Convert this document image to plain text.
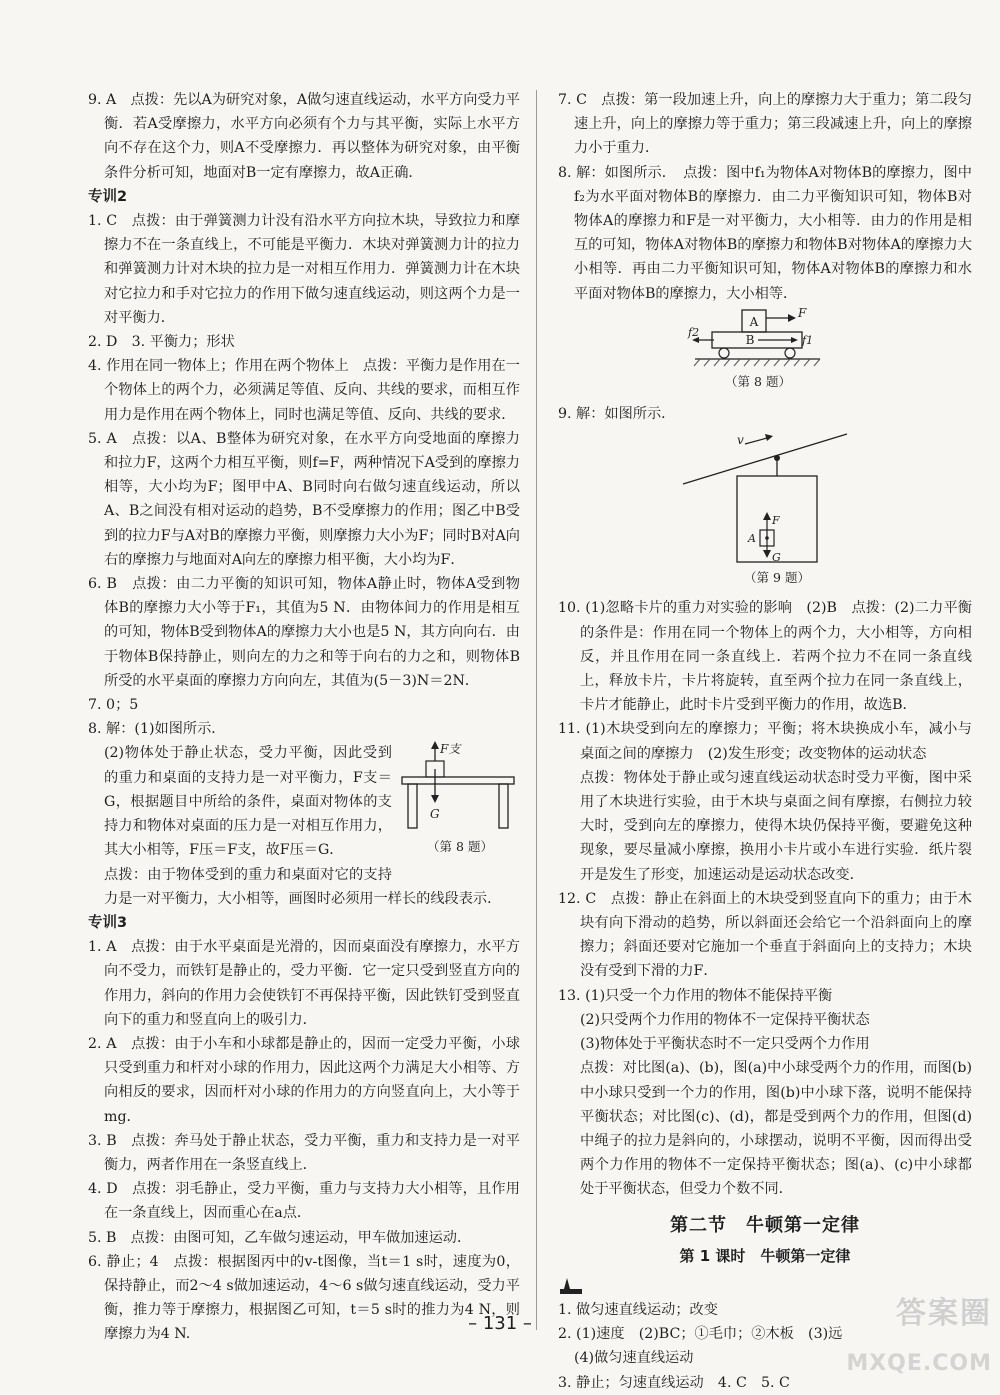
9. A　点拨：先以A为研究对象，A做匀速直线运动，水平方向受力平衡．若A受摩擦力，水平方向必须有个力与其平衡，实际上水平方向不存在这个力，则A不受摩擦力．再以整体为研究对象，由平衡条件分析可知，地面对B一定有摩擦力，故A正确．

专训2

1. C　点拨：由于弹簧测力计没有沿水平方向拉木块，导致拉力和摩擦力不在一条直线上，不可能是平衡力．木块对弹簧测力计的拉力和弹簧测力计对木块的拉力是一对相互作用力．弹簧测力计在木块对它拉力和手对它拉力的作用下做匀速直线运动，则这两个力是一对平衡力．

2. D　3. 平衡力；形状

4. 作用在同一物体上；作用在两个物体上　点拨：平衡力是作用在一个物体上的两个力，必须满足等值、反向、共线的要求，而相互作用力是作用在两个物体上，同时也满足等值、反向、共线的要求．

5. A　点拨：以A、B整体为研究对象，在水平方向受地面的摩擦力和拉力F，这两个力相互平衡，则f=F，两种情况下A受到的摩擦力相等，大小均为F；图甲中A、B同时向右做匀速直线运动，所以A、B之间没有相对运动的趋势，B不受摩擦力的作用；图乙中B受到的拉力F与A对B的摩擦力平衡，则摩擦力大小为F；同时B对A向右的摩擦力与地面对A向左的摩擦力相平衡，大小均为F．

6. B　点拨：由二力平衡的知识可知，物体A静止时，物体A受到物体B的摩擦力大小等于F₁，其值为5 N．由物体间力的作用是相互的可知，物体B受到物体A的摩擦力大小也是5 N，其方向向右．由于物体B保持静止，则向左的力之和等于向右的力之和，则物体B所受的水平桌面的摩擦力方向向左，其值为(5－3)N＝2N．

7. 0；5

8. 解：(1)如图所示．

F支
G
（第 8 题）

(2)物体处于静止状态，受力平衡，因此受到的重力和桌面的支持力是一对平衡力，F支＝G，根据题目中所给的条件，桌面对物体的支持力和物体对桌面的压力是一对相互作用力，其大小相等，F压＝F支，故F压＝G．

点拨：由于物体受到的重力和桌面对它的支持力是一对平衡力，大小相等，画图时必须用一样长的线段表示．

专训3

1. A　点拨：由于水平桌面是光滑的，因而桌面没有摩擦力，水平方向不受力，而铁钉是静止的，受力平衡．它一定只受到竖直方向的作用力，斜向的作用力会使铁钉不再保持平衡，因此铁钉受到竖直向下的重力和竖直向上的吸引力．

2. A　点拨：由于小车和小球都是静止的，因而一定受力平衡，小球只受到重力和杆对小球的作用力，因此这两个力满足大小相等、方向相反的要求，因而杆对小球的作用力的方向竖直向上，大小等于mg．

3. B　点拨：奔马处于静止状态，受力平衡，重力和支持力是一对平衡力，两者作用在一条竖直线上．

4. D　点拨：羽毛静止，受力平衡，重力与支持力大小相等，且作用在一条直线上，因而重心在a点．

5. B　点拨：由图可知，乙车做匀速运动，甲车做加速运动．

6. 静止；4　点拨：根据图丙中的v-t图像，当t＝1 s时，速度为0，保持静止，而2～4 s做加速运动，4～6 s做匀速直线运动，受力平衡，推力等于摩擦力，根据图乙可知，t＝5 s时的推力为4 N，则摩擦力为4 N.

7. C　点拨：第一段加速上升，向上的摩擦力大于重力；第二段匀速上升，向上的摩擦力等于重力；第三段减速上升，向上的摩擦力小于重力．

8. 解：如图所示．　点拨：图中f₁为物体A对物体B的摩擦力，图中f₂为水平面对物体B的摩擦力．由二力平衡知识可知，物体B对物体A的摩擦力和F是一对平衡力，大小相等．由力的作用是相互的可知，物体A对物体B的摩擦力和物体B对物体A的摩擦力大小相等．再由二力平衡知识可知，物体A对物体B的摩擦力和水平面对物体B的摩擦力，大小相等．

A
F
B	f1
f2
（第 8 题）

9. 解：如图所示．

v
A
F
G
（第 9 题）

10. (1)忽略卡片的重力对实验的影响　(2)B　点拨：(2)二力平衡的条件是：作用在同一个物体上的两个力，大小相等，方向相反，并且作用在同一条直线上．若两个拉力不在同一条直线上，释放卡片，卡片将旋转，直至两个拉力在同一条直线上，卡片才能静止，此时卡片受到平衡力的作用，故选B．

11. (1)木块受到向左的摩擦力；平衡；将木块换成小车，减小与桌面之间的摩擦力　(2)发生形变；改变物体的运动状态

点拨：物体处于静止或匀速直线运动状态时受力平衡，图中采用了木块进行实验，由于木块与桌面之间有摩擦，右侧拉力较大时，受到向左的摩擦力，使得木块仍保持平衡，要避免这种现象，要尽量减小摩擦，换用小卡片或小车进行实验．纸片裂开是发生了形变，加速运动是运动状态改变．

12. C　点拨：静止在斜面上的木块受到竖直向下的重力；由于木块有向下滑动的趋势，所以斜面还会给它一个沿斜面向上的摩擦力；斜面还要对它施加一个垂直于斜面向上的支持力；木块没有受到下滑的力F．

13. (1)只受一个力作用的物体不能保持平衡

(2)只受两个力作用的物体不一定保持平衡状态

(3)物体处于平衡状态时不一定只受两个力作用

点拨：对比图(a)、(b)，图(a)中小球受两个力的作用，而图(b)中小球只受到一个力的作用，图(b)中小球下落，说明不能保持平衡状态；对比图(c)、(d)，都是受到两个力的作用，但图(d)中绳子的拉力是斜向的，小球摆动，说明不平衡，因而得出受两个力作用的物体不一定保持平衡状态；图(a)、(c)中小球都处于平衡状态，但受力个数不同．

第二节　牛顿第一定律

第 1 课时　牛顿第一定律

1. 做匀速直线运动；改变

2. (1)速度　(2)BC；①毛巾；②木板　(3)远

(4)做匀速直线运动

3. 静止；匀速直线运动　4. C　5. C

– 131 –	答案圈
MXQE.COM
